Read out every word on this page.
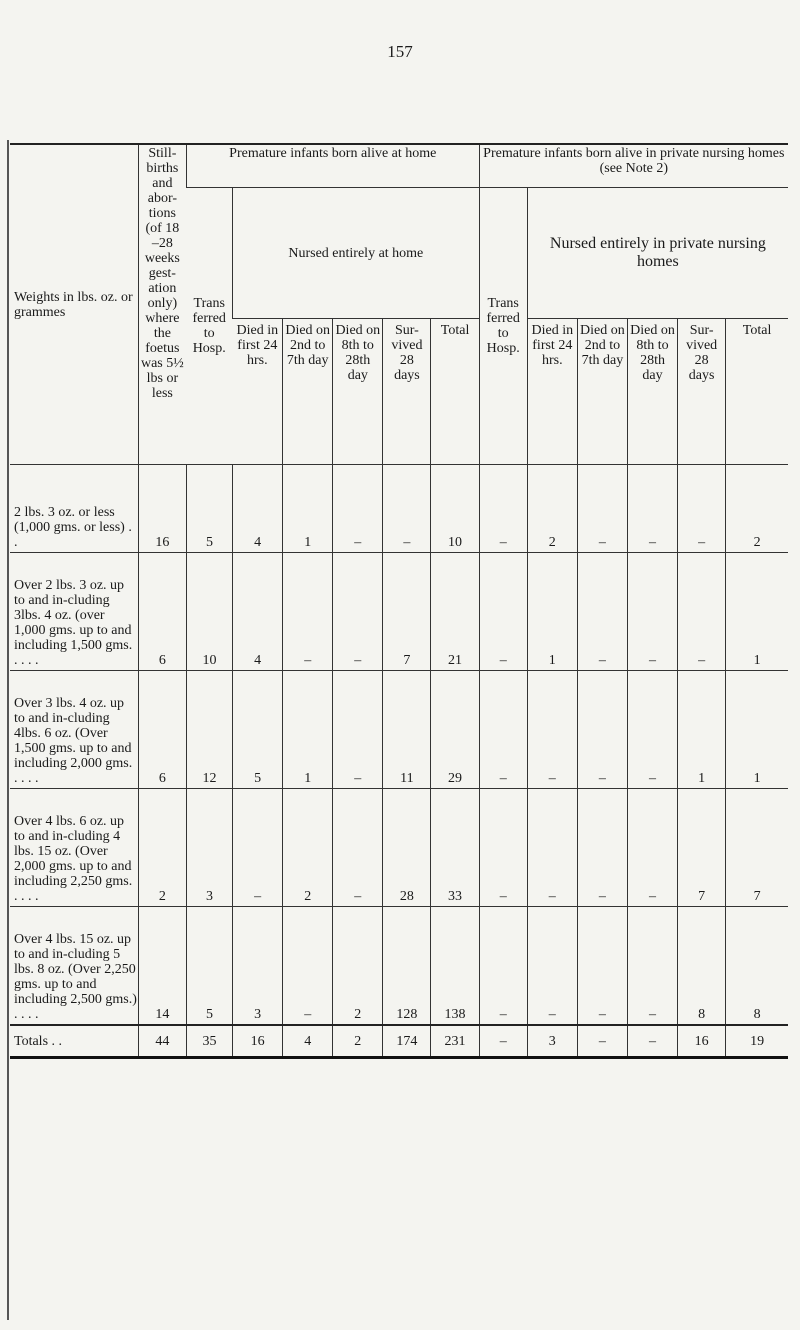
157
Weights in lbs. oz. or grammes	Still-births and abor-tions (of 18 –28 weeks gest-ation only) where the foetus was 5½ lbs or less	Premature infants born alive at home						Premature infants born alive in private nursing homes (see Note 2)					
		Trans ferred to Hosp.	Nursed entirely at home					Trans ferred to Hosp.	Nursed entirely in private nursing homes				
			Died in first 24 hrs.	Died on 2nd to 7th day	Died on 8th to 28th day	Sur-vived 28 days	Total		Died in first 24 hrs.	Died on 2nd to 7th day	Died on 8th to 28th day	Sur-vived 28 days	Total
2 lbs. 3 oz. or less (1,000 gms. or less) . .	16	5	4	1	–	–	10	–	2	–	–	–	2
Over 2 lbs. 3 oz. up to and in-cluding 3lbs. 4 oz. (over 1,000 gms. up to and including 1,500 gms. . . . .	6	10	4	–	–	7	21	–	1	–	–	–	1
Over 3 lbs. 4 oz. up to and in-cluding 4lbs. 6 oz. (Over 1,500 gms. up to and including 2,000 gms. . . . .	6	12	5	1	–	11	29	–	–	–	–	1	1
Over 4 lbs. 6 oz. up to and in-cluding 4 lbs. 15 oz. (Over 2,000 gms. up to and including 2,250 gms. . . . .	2	3	–	2	–	28	33	–	–	–	–	7	7
Over 4 lbs. 15 oz. up to and in-cluding 5 lbs. 8 oz. (Over 2,250 gms. up to and including 2,500 gms.) . . . .	14	5	3	–	2	128	138	–	–	–	–	8	8
Totals . .	44	35	16	4	2	174	231	–	3	–	–	16	19
